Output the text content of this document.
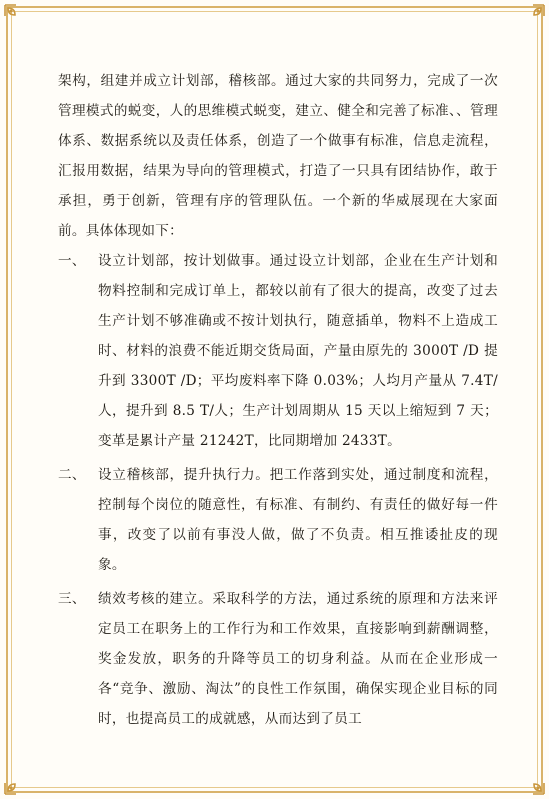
架构，组建并成立计划部，稽核部。通过大家的共同努力，完成了一次管理模式的蜕变，人的思维模式蜕变，建立、健全和完善了标准、、管理体系、数据系统以及责任体系，创造了一个做事有标准，信息走流程，汇报用数据，结果为导向的管理模式，打造了一只具有团结协作，敢于承担，勇于创新，管理有序的管理队伍。一个新的华威展现在大家面前。具体体现如下：

一、 设立计划部，按计划做事。通过设立计划部，企业在生产计划和物料控制和完成订单上，都较以前有了很大的提高，改变了过去生产计划不够准确或不按计划执行，随意插单，物料不上造成工时、材料的浪费不能近期交货局面，产量由原先的 3000T /D 提升到 3300T /D；平均废料率下降 0.03%；人均月产量从 7.4T/人，提升到 8.5 T/人；生产计划周期从 15 天以上缩短到 7 天；变革是累计产量 21242T，比同期增加 2433T。

二、 设立稽核部，提升执行力。把工作落到实处，通过制度和流程，控制每个岗位的随意性，有标准、有制约、有责任的做好每一件事，改变了以前有事没人做，做了不负责。相互推诿扯皮的现象。

三、 绩效考核的建立。采取科学的方法，通过系统的原理和方法来评定员工在职务上的工作行为和工作效果，直接影响到薪酬调整，奖金发放，职务的升降等员工的切身利益。从而在企业形成一各“竞争、激励、淘汰”的良性工作氛围，确保实现企业目标的同时，也提高员工的成就感，从而达到了员工
